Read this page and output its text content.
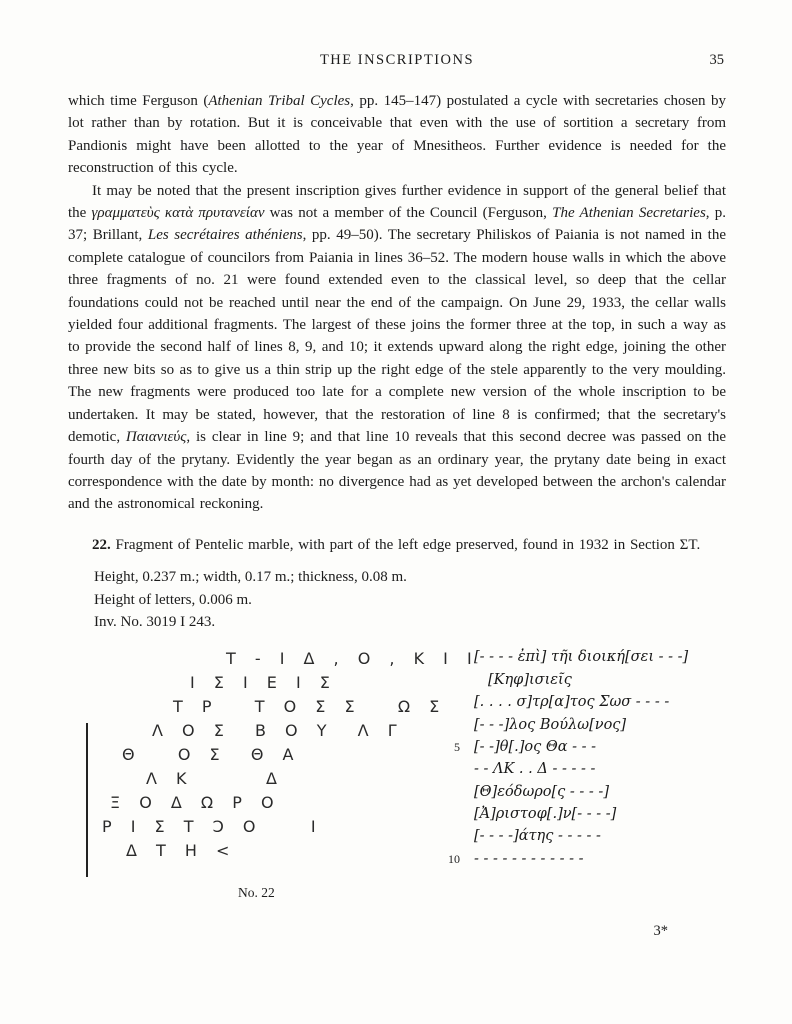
THE INSCRIPTIONS	35

which time Ferguson (Athenian Tribal Cycles, pp. 145–147) postulated a cycle with secretaries chosen by lot rather than by rotation. But it is conceivable that even with the use of sortition a secretary from Pandionis might have been allotted to the year of Mnesitheos. Further evidence is needed for the reconstruction of this cycle.

It may be noted that the present inscription gives further evidence in support of the general belief that the γραμματεὺς κατὰ πρυτανείαν was not a member of the Council (Ferguson, The Athenian Secretaries, p. 37; Brillant, Les secrétaires athéniens, pp. 49–50). The secretary Philiskos of Paiania is not named in the complete catalogue of councilors from Paiania in lines 36–52. The modern house walls in which the above three fragments of no. 21 were found extended even to the classical level, so deep that the cellar foundations could not be reached until near the end of the campaign. On June 29, 1933, the cellar walls yielded four additional fragments. The largest of these joins the former three at the top, in such a way as to provide the second half of lines 8, 9, and 10; it extends upward along the right edge, joining the other three new bits so as to give us a thin strip up the right edge of the stele apparently to the very moulding. The new fragments were produced too late for a complete new version of the whole inscription to be undertaken. It may be stated, however, that the restoration of line 8 is confirmed; that the secretary's demotic, Παιανιεύς, is clear in line 9; and that line 10 reveals that this second decree was passed on the fourth day of the prytany. Evidently the year began as an ordinary year, the prytany date being in exact correspondence with the date by month: no divergence had as yet developed between the archon's calendar and the astronomical reckoning.

22. Fragment of Pentelic marble, with part of the left edge preserved, found in 1932 in Section ΣΤ.

Height, 0.237 m.; width, 0.17 m.; thickness, 0.08 m.
Height of letters, 0.006 m.
Inv. No. 3019 I 243.
Τ - Ι Δ , Ο , Κ Ι Ι
Ι Σ Ι Ε Ι Σ
Τ Ρ   Τ Ο Σ Σ   Ω Σ
Λ Ο Σ  Β Ο Υ  Λ Γ
Θ   Ο Σ  Θ Α
Λ Κ      Δ
Ξ Ο Δ Ω Ρ Ο
Ρ Ι Σ Τ Ɔ Ο    Ι
Δ Τ Η <
No. 22
[- - - - ἐπὶ] τῆι διοική[σει - - -]
[Κηφ]ισιεῖς
[. . . . σ]τρ[α]τος Σωσ - - - -
[- - -]λος Βούλω[νος]
5 [- -]θ[.]ος Θα - - -
- - ΛΚ . . Δ - - - - -
[Θ]εόδωρο[ς - - - -]
[Ἀ]ριστοφ[.]ν[- - - -]
[- - - -]άτης - - - - -
10 - - - - - - - - - - - -
3*
